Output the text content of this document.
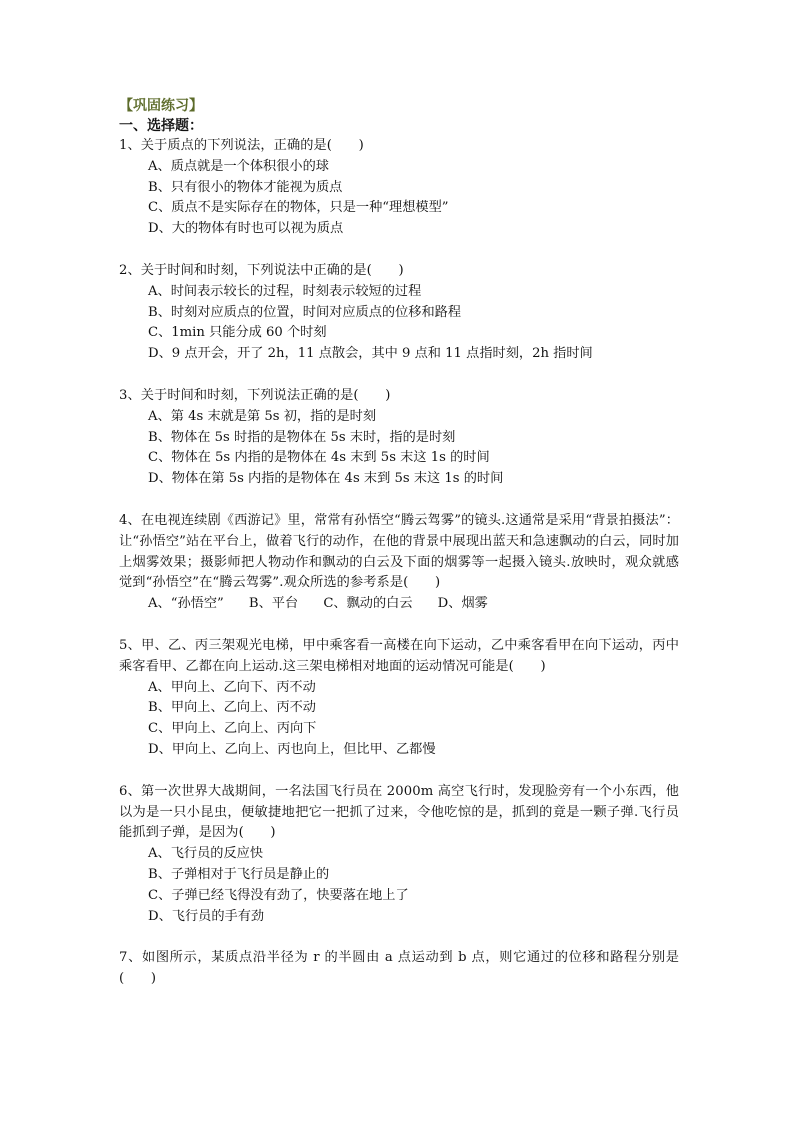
【巩固练习】
一、选择题：
1、关于质点的下列说法，正确的是(　　)
A、质点就是一个体积很小的球
B、只有很小的物体才能视为质点
C、质点不是实际存在的物体，只是一种“理想模型”
D、大的物体有时也可以视为质点
2、关于时间和时刻，下列说法中正确的是(　　)
A、时间表示较长的过程，时刻表示较短的过程
B、时刻对应质点的位置，时间对应质点的位移和路程
C、1min 只能分成 60 个时刻
D、9 点开会，开了 2h，11 点散会，其中 9 点和 11 点指时刻，2h 指时间
3、关于时间和时刻，下列说法正确的是(　　)
A、第 4s 末就是第 5s 初，指的是时刻
B、物体在 5s 时指的是物体在 5s 末时，指的是时刻
C、物体在 5s 内指的是物体在 4s 末到 5s 末这 1s 的时间
D、物体在第 5s 内指的是物体在 4s 末到 5s 末这 1s 的时间
4、在电视连续剧《西游记》里，常常有孙悟空“腾云驾雾”的镜头.这通常是采用“背景拍摄法”：让“孙悟空”站在平台上，做着飞行的动作，在他的背景中展现出蓝天和急速飘动的白云，同时加上烟雾效果；摄影师把人物动作和飘动的白云及下面的烟雾等一起摄入镜头.放映时，观众就感觉到“孙悟空”在“腾云驾雾”.观众所选的参考系是(　　)
A、“孙悟空”      B、平台      C、飘动的白云      D、烟雾
5、甲、乙、丙三架观光电梯，甲中乘客看一高楼在向下运动，乙中乘客看甲在向下运动，丙中乘客看甲、乙都在向上运动.这三架电梯相对地面的运动情况可能是(　　)
A、甲向上、乙向下、丙不动
B、甲向上、乙向上、丙不动
C、甲向上、乙向上、丙向下
D、甲向上、乙向上、丙也向上，但比甲、乙都慢
6、第一次世界大战期间，一名法国飞行员在 2000m 高空飞行时，发现脸旁有一个小东西，他以为是一只小昆虫，便敏捷地把它一把抓了过来，令他吃惊的是，抓到的竟是一颗子弹.飞行员能抓到子弹，是因为(　　)
A、飞行员的反应快
B、子弹相对于飞行员是静止的
C、子弹已经飞得没有劲了，快要落在地上了
D、飞行员的手有劲
7、如图所示，某质点沿半径为 r 的半圆由 a 点运动到 b 点，则它通过的位移和路程分别是(　　)
